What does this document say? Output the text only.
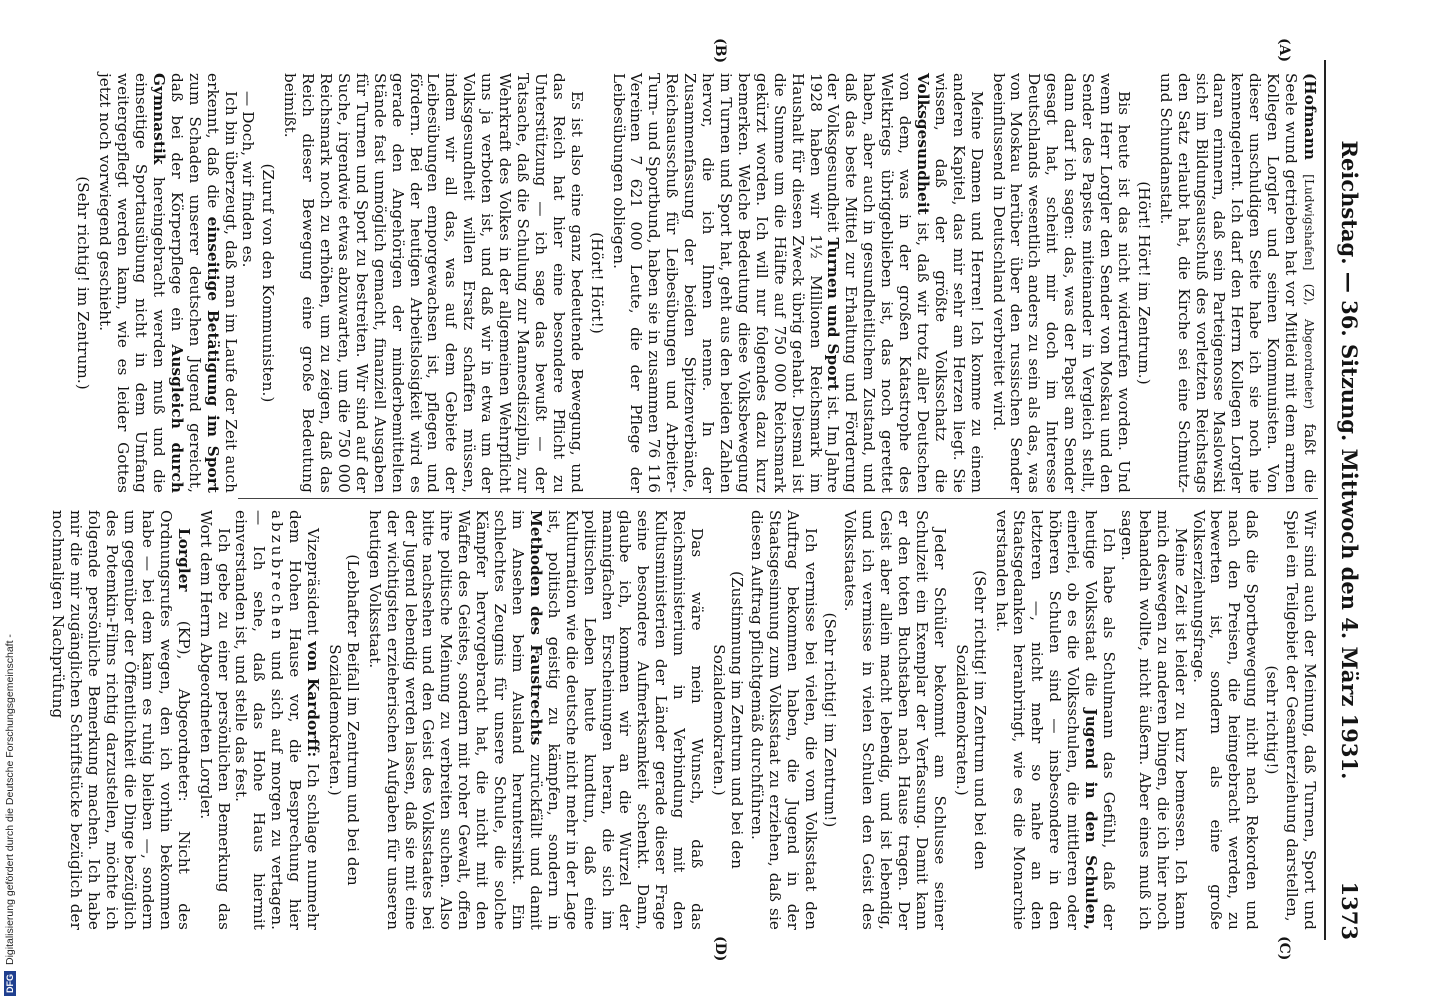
DFGDigitalisierung gefördert durch die Deutsche Forschungsgemeinschaft -
Reichstag. — 36. Sitzung. Mittwoch den 4. März 1931.
1373
(A)
(B)
(C)
(D)

(Hofmann [Ludwigshafen] (Z), Abgeordneter) faßt die Seele wund getrieben hat vor Mitleid mit dem armen Kollegen Lorgler und seinen Kommunisten. Von dieser unschuldigen Seite habe ich sie noch nie kennengelernt. Ich darf den Herrn Kollegen Lorgler daran erinnern, daß sein Parteigenosse Maslowski sich im Bildungsausschuß des vorletzten Reichstags den Satz erlaubt hat, die Kirche sei eine Schmutz- und Schundanstalt.

(Hört! Hört! im Zentrum.)

Bis heute ist das nicht widerrufen worden. Und wenn Herr Lorgler den Sender von Moskau und den Sender des Papstes miteinander in Vergleich stellt, dann darf ich sagen: das, was der Papst am Sender gesagt hat, scheint mir doch im Interesse Deutschlands wesentlich anders zu sein als das, was von Moskau herüber über den russischen Sender beeinflussend in Deutschland verbreitet wird.

Meine Damen und Herren! Ich komme zu einem anderen Kapitel, das mir sehr am Herzen liegt. Sie wissen, daß der größte Volksschatz die Volksgesundheit ist, daß wir trotz aller Deutschen von dem, was in der großen Katastrophe des Weltkriegs übriggeblieben ist, das noch gerettet haben, aber auch in gesundheitlichem Zustand, und daß das beste Mittel zur Erhaltung und Förderung der Volksgesundheit Turnen und Sport ist. Im Jahre 1928 haben wir 1½ Millionen Reichsmark im Haushalt für diesen Zweck übrig gehabt. Diesmal ist die Summe um die Hälfte auf 750 000 Reichsmark gekürzt worden. Ich will nur folgendes dazu kurz bemerken. Welche Bedeutung diese Volksbewegung im Turnen und Sport hat, geht aus den beiden Zahlen hervor, die ich Ihnen nenne. In der Zusammenfassung der beiden Spitzenverbände, Reichsausschuß für Leibesübungen und Arbeiter-Turn- und Sportbund, haben sie in zusammen 76 116 Vereinen 7 621 000 Leute, die der Pflege der Leibesübungen obliegen.

(Hört! Hört!)

Es ist also eine ganz bedeutende Bewegung, und das Reich hat hier eine besondere Pflicht zu Unterstützung — ich sage das bewußt — der Tatsache, daß die Schulung zur Mannesdisziplin, zur Wehrkraft des Volkes in der allgemeinen Wehrpflicht uns ja verboten ist, und daß wir in etwa um der Volksgesundheit willen Ersatz schaffen müssen, indem wir all das, was auf dem Gebiete der Leibesübungen emporgewachsen ist, pflegen und fördern. Bei der heutigen Arbeitslosigkeit wird es gerade den Angehörigen der minderbemittelten Stände fast unmöglich gemacht, finanziell Ausgaben für Turnen und Sport zu bestreiten. Wir sind auf der Suche, irgendwie etwas abzuwarten, um die 750 000 Reichsmark noch zu erhöhen, um zu zeigen, daß das Reich dieser Bewegung eine große Bedeutung beimißt.

(Zuruf von den Kommunisten.)

— Doch, wir finden es.

Ich bin überzeugt, daß man im Laufe der Zeit auch erkennt, daß die einseitige Betätigung im Sport zum Schaden unserer deutschen Jugend gereicht, daß bei der Körperpflege ein Ausgleich durch Gymnastik hereingebracht werden muß und die einseitige Sportausübung nicht in dem Umfang weitergepflegt werden kann, wie es leider Gottes jetzt noch vorwiegend geschieht.

(Sehr richtig! im Zentrum.)

Wir sind auch der Meinung, daß Turnen, Sport und Spiel ein Teilgebiet der Gesamterziehung darstellen,

(sehr richtig!)

daß die Sportbewegung nicht nach Rekorden und nach den Preisen, die heimgebracht werden, zu bewerten ist, sondern als eine große Volkserziehungsfrage.

Meine Zeit ist leider zu kurz bemessen. Ich kann mich deswegen zu anderen Dingen, die ich hier noch behandeln wollte, nicht äußern. Aber eines muß ich sagen.

Ich habe als Schulmann das Gefühl, daß der heutige Volksstaat die Jugend in den Schulen, einerlei, ob es die Volksschulen, die mittleren oder höheren Schulen sind — insbesondere in den letzteren —, nicht mehr so nahe an den Staatsgedanken heranbringt, wie es die Monarchie verstanden hat.

(Sehr richtig! im Zentrum und bei den Sozialdemokraten.)

Jeder Schüler bekommt am Schlusse seiner Schulzeit ein Exemplar der Verfassung. Damit kann er den toten Buchstaben nach Hause tragen. Der Geist aber allein macht lebendig, und ist lebendig, und ich vermisse in vielen Schulen den Geist des Volksstaates.

(Sehr richtig! im Zentrum!)

Ich vermisse bei vielen, die vom Volksstaat den Auftrag bekommen haben, die Jugend in der Staatsgesinnung zum Volksstaat zu erziehen, daß sie diesen Auftrag pflichtgemäß durchführen.

(Zustimmung im Zentrum und bei den Sozialdemokraten.)

Das wäre mein Wunsch, daß das Reichsministerium in Verbindung mit den Kultusministerien der Länder gerade dieser Frage seine besondere Aufmerksamkeit schenkt. Dann, glaube ich, kommen wir an die Wurzel der mannigfachen Erscheinungen heran, die sich im politischen Leben heute kundtun, daß eine Kulturnation wie die deutsche nicht mehr in der Lage ist, politisch geistig zu kämpfen, sondern in Methoden des Faustrechts zurückfällt und damit im Ansehen beim Ausland heruntersinkt. Ein schlechtes Zeugnis für unsere Schule, die solche Kämpfer hervorgebracht hat, die nicht mit den Waffen des Geistes, sondern mit roher Gewalt, offen ihre politische Meinung zu verbreiten suchen. Also bitte nachsehen und den Geist des Volksstaates bei der Jugend lebendig werden lassen, daß sie mit eine der wichtigsten erzieherischen Aufgaben für unseren heutigen Volksstaat.

(Lebhafter Beifall im Zentrum und bei den Sozialdemokraten.)

Vizepräsident von Kardorff: Ich schlage nunmehr dem Hohen Hause vor, die Besprechung hier abzubrechen und sich auf morgen zu vertagen. — Ich sehe, daß das Hohe Haus hiermit einverstanden ist, und stelle das fest.

Ich gebe zu einer persönlichen Bemerkung das Wort dem Herrn Abgeordneten Lorgler.

Lorgler (KP), Abgeordneter: Nicht des Ordnungsrufes wegen, den ich vorhin bekommen habe — bei dem kann es ruhig bleiben —, sondern um gegenüber der Öffentlichkeit die Dinge bezüglich des Potemkin-Films richtig darzustellen, möchte ich folgende persönliche Bemerkung machen. Ich habe mir die mir zugänglichen Schriftstücke bezüglich der nochmaligen Nachprüfung
